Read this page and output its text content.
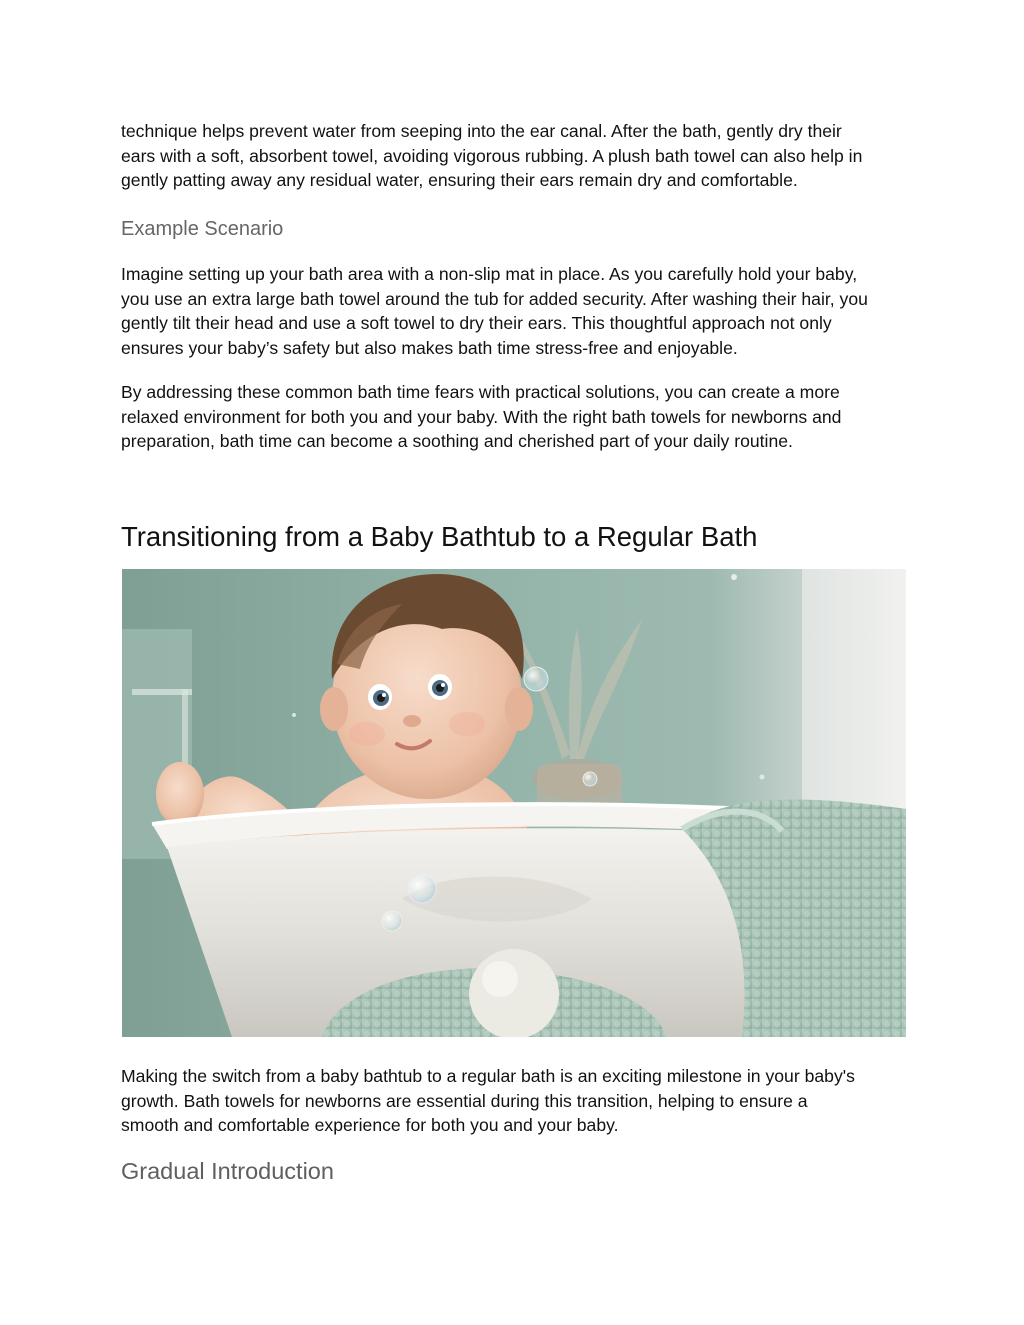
technique helps prevent water from seeping into the ear canal. After the bath, gently dry their
ears with a soft, absorbent towel, avoiding vigorous rubbing. A plush bath towel can also help in
gently patting away any residual water, ensuring their ears remain dry and comfortable.

Example Scenario

Imagine setting up your bath area with a non-slip mat in place. As you carefully hold your baby,
you use an extra large bath towel around the tub for added security. After washing their hair, you
gently tilt their head and use a soft towel to dry their ears. This thoughtful approach not only
ensures your baby’s safety but also makes bath time stress-free and enjoyable.

By addressing these common bath time fears with practical solutions, you can create a more
relaxed environment for both you and your baby. With the right bath towels for newborns and
preparation, bath time can become a soothing and cherished part of your daily routine.

Transitioning from a Baby Bathtub to a Regular Bath

Making the switch from a baby bathtub to a regular bath is an exciting milestone in your baby's
growth. Bath towels for newborns are essential during this transition, helping to ensure a
smooth and comfortable experience for both you and your baby.

Gradual Introduction
